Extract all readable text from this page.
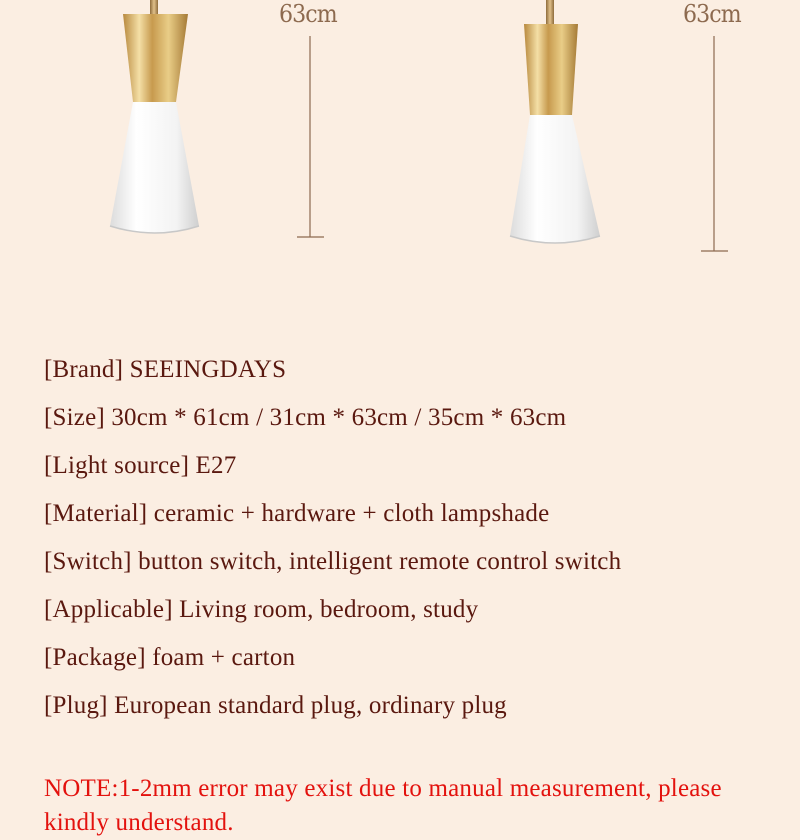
63cm	63cm
[Brand] SEEINGDAYS
[Size] 30cm * 61cm / 31cm * 63cm / 35cm * 63cm
[Light source] E27
[Material] ceramic + hardware + cloth lampshade
[Switch] button switch, intelligent remote control switch
[Applicable] Living room, bedroom, study
[Package] foam + carton
[Plug] European standard plug, ordinary plug
NOTE:1-2mm error may exist due to manual measurement, please kindly understand.
